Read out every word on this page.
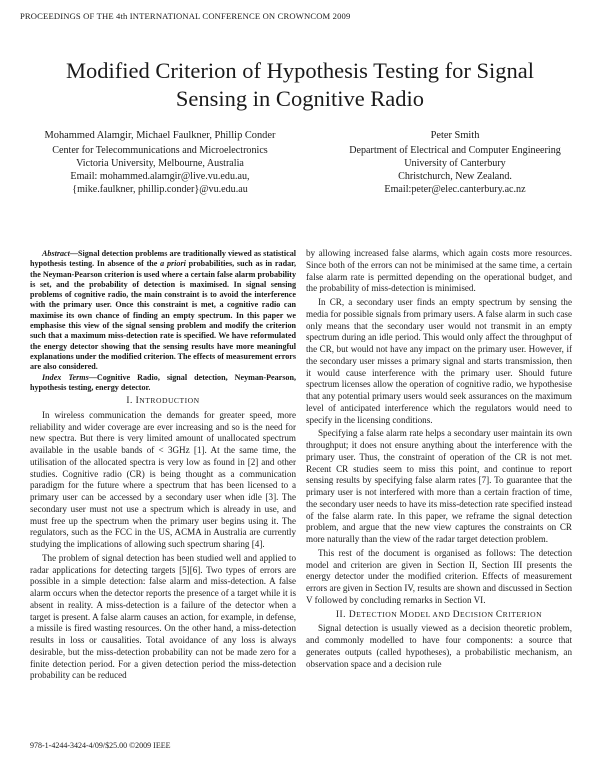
PROCEEDINGS OF THE 4th INTERNATIONAL CONFERENCE ON CROWNCOM 2009
Modified Criterion of Hypothesis Testing for Signal
Sensing in Cognitive Radio
Mohammed Alamgir, Michael Faulkner, Phillip Conder
Center for Telecommunications and Microelectronics
Victoria University, Melbourne, Australia
Email: mohammed.alamgir@live.vu.edu.au,
{mike.faulkner, phillip.conder}@vu.edu.au
Peter Smith
Department of Electrical and Computer Engineering
University of Canterbury
Christchurch, New Zealand.
Email:peter@elec.canterbury.ac.nz

Abstract—Signal detection problems are traditionally viewed as statistical hypothesis testing. In absence of the a priori probabilities, such as in radar, the Neyman-Pearson criterion is used where a certain false alarm probability is set, and the probability of detection is maximised. In signal sensing problems of cognitive radio, the main constraint is to avoid the interference with the primary user. Once this constraint is met, a cognitive radio can maximise its own chance of finding an empty spectrum. In this paper we emphasise this view of the signal sensing problem and modify the criterion such that a maximum miss-detection rate is specified. We have reformulated the energy detector showing that the sensing results have more meaningful explanations under the modified criterion. The effects of measurement errors are also considered.

Index Terms—Cognitive Radio, signal detection, Neyman-Pearson, hypothesis testing, energy detector.

I. INTRODUCTION

In wireless communication the demands for greater speed, more reliability and wider coverage are ever increasing and so is the need for new spectra. But there is very limited amount of unallocated spectrum available in the usable bands of < 3GHz [1]. At the same time, the utilisation of the allocated spectra is very low as found in [2] and other studies. Cognitive radio (CR) is being thought as a communication paradigm for the future where a spectrum that has been licensed to a primary user can be accessed by a secondary user when idle [3]. The secondary user must not use a spectrum which is already in use, and must free up the spectrum when the primary user begins using it. The regulators, such as the FCC in the US, ACMA in Australia are currently studying the implications of allowing such spectrum sharing [4].

The problem of signal detection has been studied well and applied to radar applications for detecting targets [5][6]. Two types of errors are possible in a simple detection: false alarm and miss-detection. A false alarm occurs when the detector reports the presence of a target while it is absent in reality. A miss-detection is a failure of the detector when a target is present. A false alarm causes an action, for example, in defense, a missile is fired wasting resources. On the other hand, a miss-detection results in loss or causalities. Total avoidance of any loss is always desirable, but the miss-detection probability can not be made zero for a finite detection period. For a given detection period the miss-detection probability can be reduced

by allowing increased false alarms, which again costs more resources. Since both of the errors can not be minimised at the same time, a certain false alarm rate is permitted depending on the operational budget, and the probability of miss-detection is minimised.

In CR, a secondary user finds an empty spectrum by sensing the media for possible signals from primary users. A false alarm in such case only means that the secondary user would not transmit in an empty spectrum during an idle period. This would only affect the throughput of the CR, but would not have any impact on the primary user. However, if the secondary user misses a primary signal and starts transmission, then it would cause interference with the primary user. Should future spectrum licenses allow the operation of cognitive radio, we hypothesise that any potential primary users would seek assurances on the maximum level of anticipated interference which the regulators would need to specify in the licensing conditions.

Specifying a false alarm rate helps a secondary user maintain its own throughput; it does not ensure anything about the interference with the primary user. Thus, the constraint of operation of the CR is not met. Recent CR studies seem to miss this point, and continue to report sensing results by specifying false alarm rates [7]. To guarantee that the primary user is not interfered with more than a certain fraction of time, the secondary user needs to have its miss-detection rate specified instead of the false alarm rate. In this paper, we reframe the signal detection problem, and argue that the new view captures the constraints on CR more naturally than the view of the radar target detection problem.

This rest of the document is organised as follows: The detection model and criterion are given in Section II, Section III presents the energy detector under the modified criterion. Effects of measurement errors are given in Section IV, results are shown and discussed in Section V followed by concluding remarks in Section VI.

II. DETECTION MODEL AND DECISION CRITERION

Signal detection is usually viewed as a decision theoretic problem, and commonly modelled to have four components: a source that generates outputs (called hypotheses), a probabilistic mechanism, an observation space and a decision rule

978-1-4244-3424-4/09/$25.00 ©2009 IEEE
